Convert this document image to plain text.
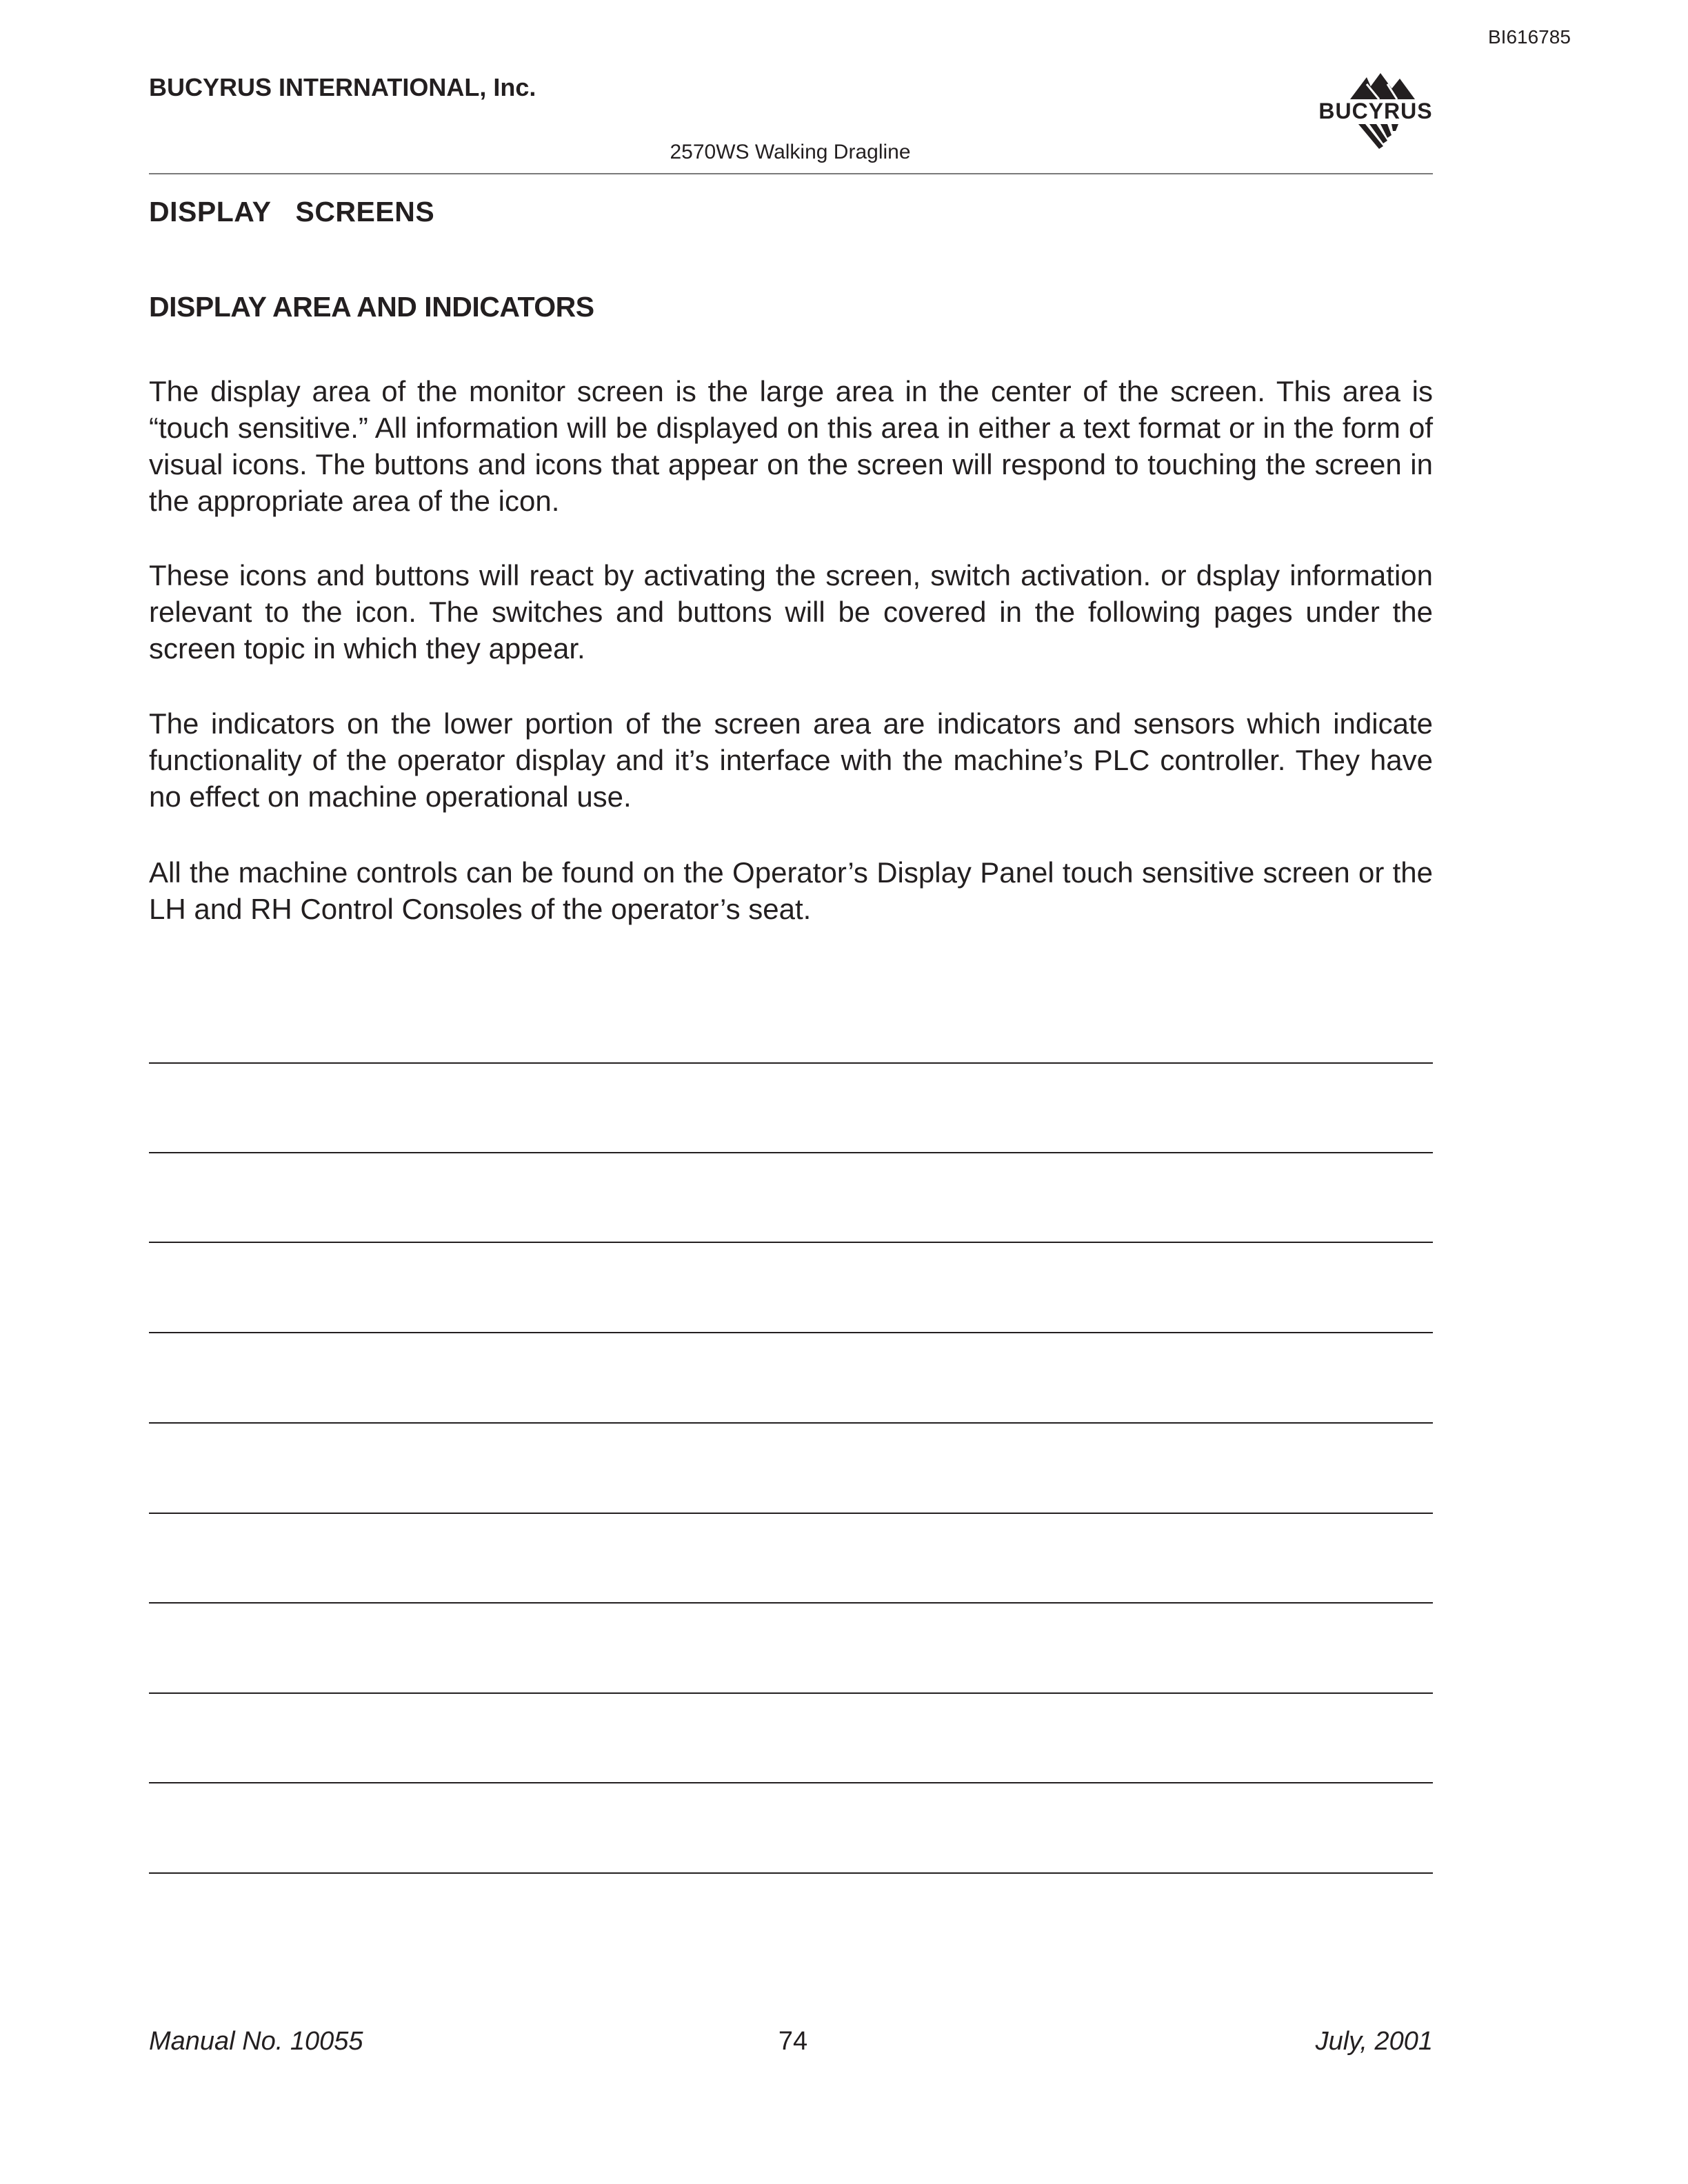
BI616785
BUCYRUS INTERNATIONAL, Inc.
BUCYRUS
2570WS Walking Dragline
DISPLAY  SCREENS
DISPLAY AREA AND INDICATORS

The display area of the monitor screen is the large area in the center of the screen. This area is “touch sensitive.” All information will be displayed on this area in either a text format or in the form of visual icons. The buttons and icons that appear on the screen will respond to touching the screen in the appropriate area of the icon.

These icons and buttons will react by activating the screen, switch activation. or dsplay information relevant to the icon. The switches and buttons will be covered in the following pages under the screen topic in which they appear.

The indicators on the lower portion of the screen area are indicators and sensors which indicate functionality of the operator display and it’s interface with the machine’s PLC controller. They have no effect on machine operational use.

All the machine controls can be found on the Operator’s Display Panel touch sensitive screen or the LH and RH Control Consoles of the operator’s seat.

Manual No. 10055	74	July, 2001
